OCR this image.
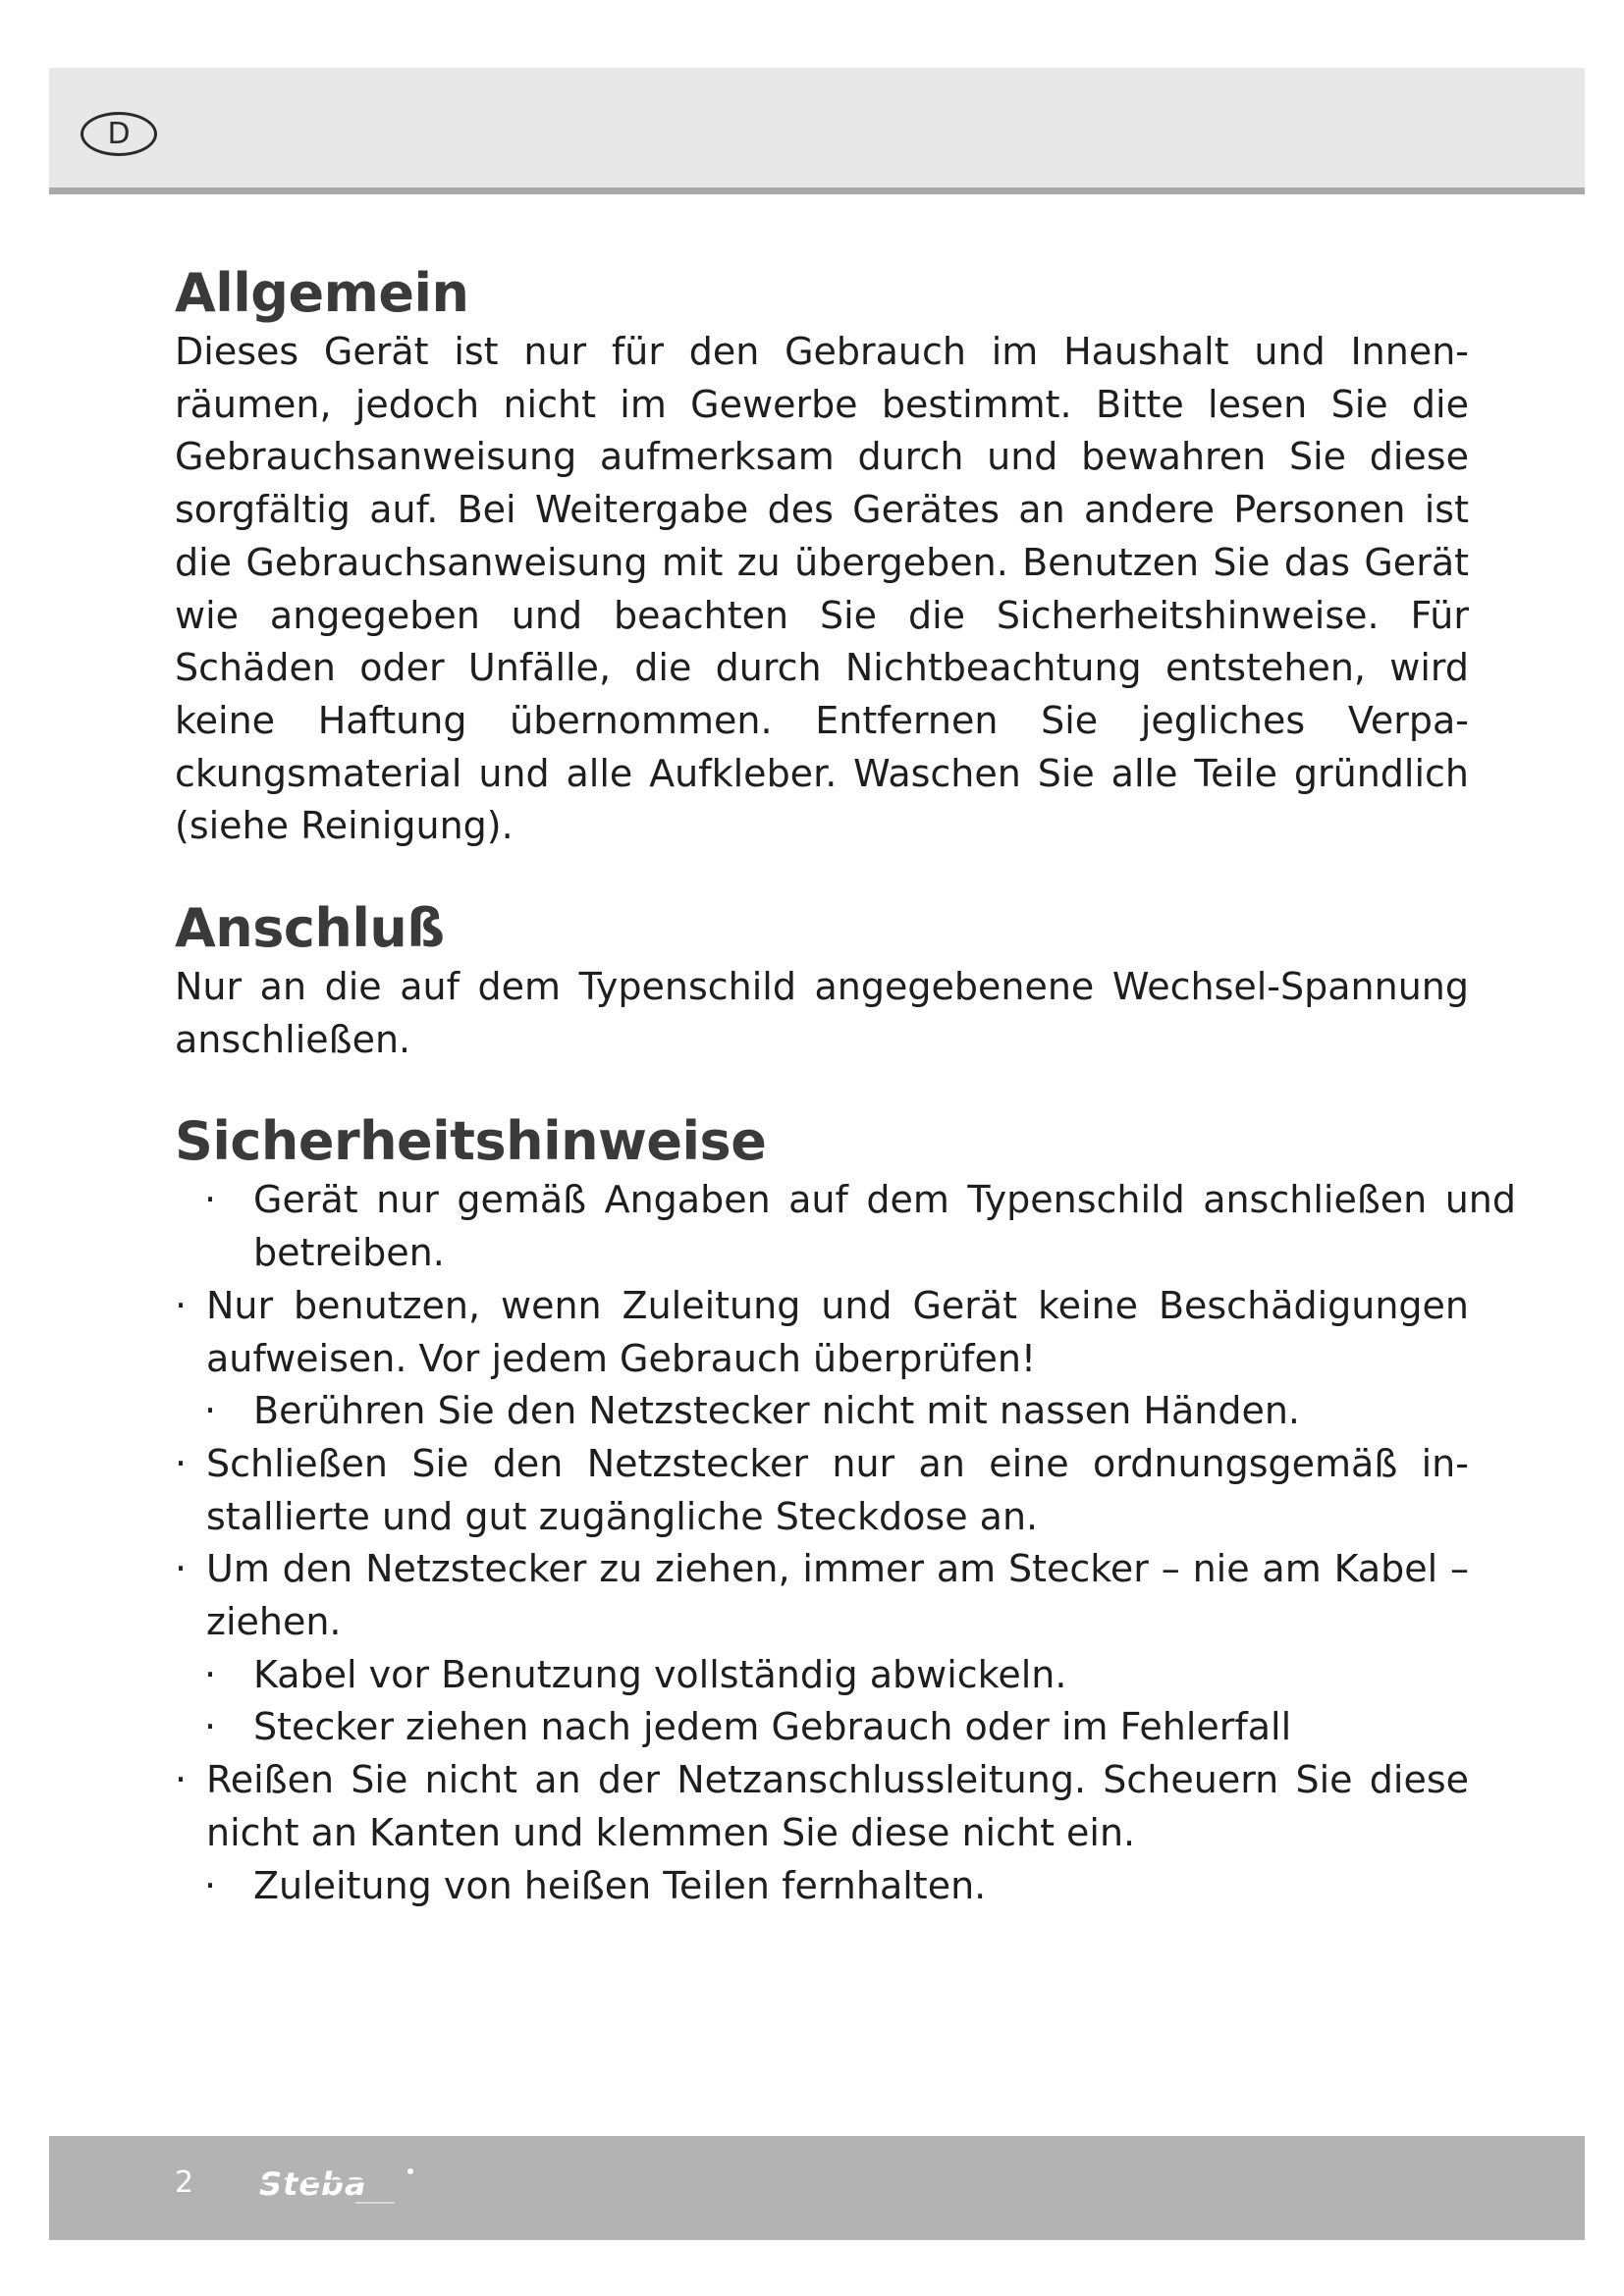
D
Allgemein

Dieses Gerät ist nur für den Gebrauch im Haushalt und Innenräumen, jedoch nicht im Gewerbe bestimmt. Bitte lesen Sie die Gebrauchsanweisung aufmerksam durch und bewahren Sie diese sorgfältig auf. Bei Weitergabe des Gerätes an andere Personen ist die Gebrauchsanweisung mit zu übergeben. Benutzen Sie das Gerät wie angegeben und beachten Sie die Sicherheitshinweise. Für Schäden oder Unfälle, die durch Nichtbeachtung entstehen, wird keine Haftung übernommen. Entfernen Sie jegliches Verpackungsmaterial und alle Aufkleber. Waschen Sie alle Teile gründlich (siehe Reinigung).

Anschluß

Nur an die auf dem Typenschild angegebenene Wechsel-Spannung anschließen.

Sicherheitshinweise
· Gerät nur gemäß Angaben auf dem Typenschild anschließen und betreiben.
· Nur benutzen, wenn Zuleitung und Gerät keine Beschädigungen aufweisen. Vor jedem Gebrauch überprüfen!
· Berühren Sie den Netzstecker nicht mit nassen Händen.
· Schließen Sie den Netzstecker nur an eine ordnungsgemäß installierte und gut zugängliche Steckdose an.
· Um den Netzstecker zu ziehen, immer am Stecker – nie am Kabel – ziehen.
· Kabel vor Benutzung vollständig abwickeln.
· Stecker ziehen nach jedem Gebrauch oder im Fehlerfall
· Reißen Sie nicht an der Netzanschlussleitung. Scheuern Sie diese nicht an Kanten und klemmen Sie diese nicht ein.
· Zuleitung von heißen Teilen fernhalten.
2 Steba
